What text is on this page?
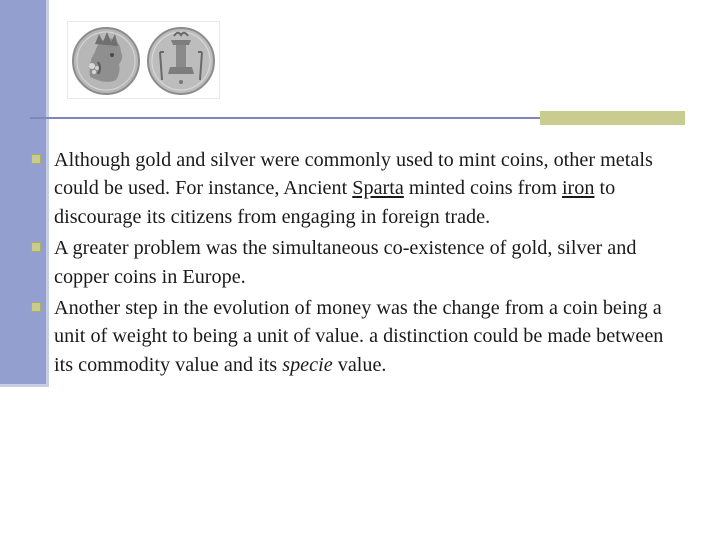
Although gold and silver were commonly used to mint coins, other metals could be used. For instance, Ancient Sparta minted coins from iron to discourage its citizens from engaging in foreign trade.
A greater problem was the simultaneous co-existence of gold, silver and copper coins in Europe.
Another step in the evolution of money was the change from a coin being a unit of weight to being a unit of value. a distinction could be made between its commodity value and its specie value.
